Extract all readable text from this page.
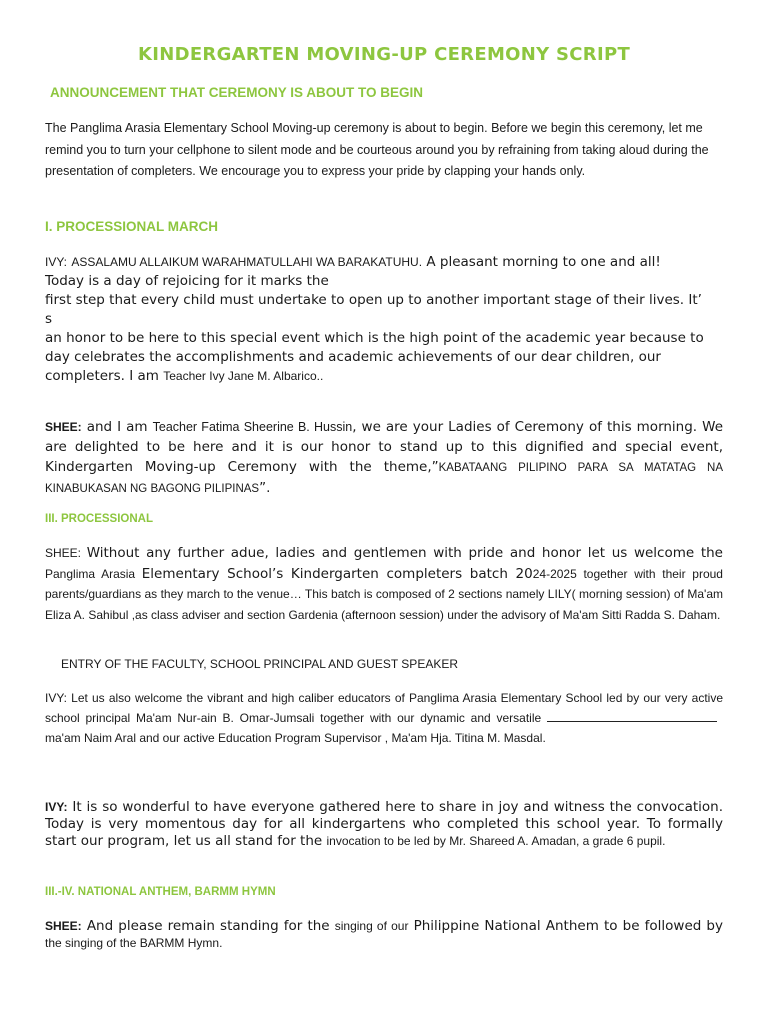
KINDERGARTEN MOVING-UP CEREMONY SCRIPT
ANNOUNCEMENT THAT CEREMONY IS ABOUT TO BEGIN
The Panglima Arasia Elementary School Moving-up ceremony is about to begin. Before we begin this ceremony, let me remind you to turn your cellphone to silent mode and be courteous around you by refraining from taking aloud during the presentation of completers. We encourage you to express your pride by clapping your hands only.
I. PROCESSIONAL MARCH
IVY: ASSALAMU ALLAIKUM WARAHMATULLAHI WA BARAKATUHU. A pleasant morning to one and all!
Today is a day of rejoicing for it marks the
first step that every child must undertake to open up to another important stage of their lives. It’
s
an honor to be here to this special event which is the high point of the academic year because to
day celebrates the accomplishments and academic achievements of our dear children, our
completers. I am Teacher Ivy Jane M. Albarico..
SHEE: and I am Teacher Fatima Sheerine B. Hussin, we are your Ladies of Ceremony of this morning. We are delighted to be here and it is our honor to stand up to this dignified and special event, Kindergarten Moving-up Ceremony with the theme,”KABATAANG PILIPINO PARA SA MATATAG NA KINABUKASAN NG BAGONG PILIPINAS”.
III. PROCESSIONAL
SHEE: Without any further adue, ladies and gentlemen with pride and honor let us welcome the Panglima Arasia Elementary School’s Kindergarten completers batch 2024-2025 together with their proud parents/guardians as they march to the venue… This batch is composed of 2 sections namely LILY( morning session) of Ma'am Eliza A. Sahibul ,as class adviser and section Gardenia (afternoon session) under the advisory of Ma'am Sitti Radda S. Daham.
ENTRY OF THE FACULTY, SCHOOL PRINCIPAL AND GUEST SPEAKER
IVY: Let us also welcome the vibrant and high caliber educators of Panglima Arasia Elementary School led by our very active school principal Ma'am Nur-ain B. Omar-Jumsali together with our dynamic and versatile ma'am Naim Aral and our active Education Program Supervisor , Ma'am Hja. Titina M. Masdal.
IVY: It is so wonderful to have everyone gathered here to share in joy and witness the convocation. Today is very momentous day for all kindergartens who completed this school year. To formally start our program, let us all stand for the invocation to be led by Mr. Shareed A. Amadan, a grade 6 pupil.
III.-IV. NATIONAL ANTHEM, BARMM HYMN
SHEE: And please remain standing for the singing of our Philippine National Anthem to be followed by the singing of the BARMM Hymn.
